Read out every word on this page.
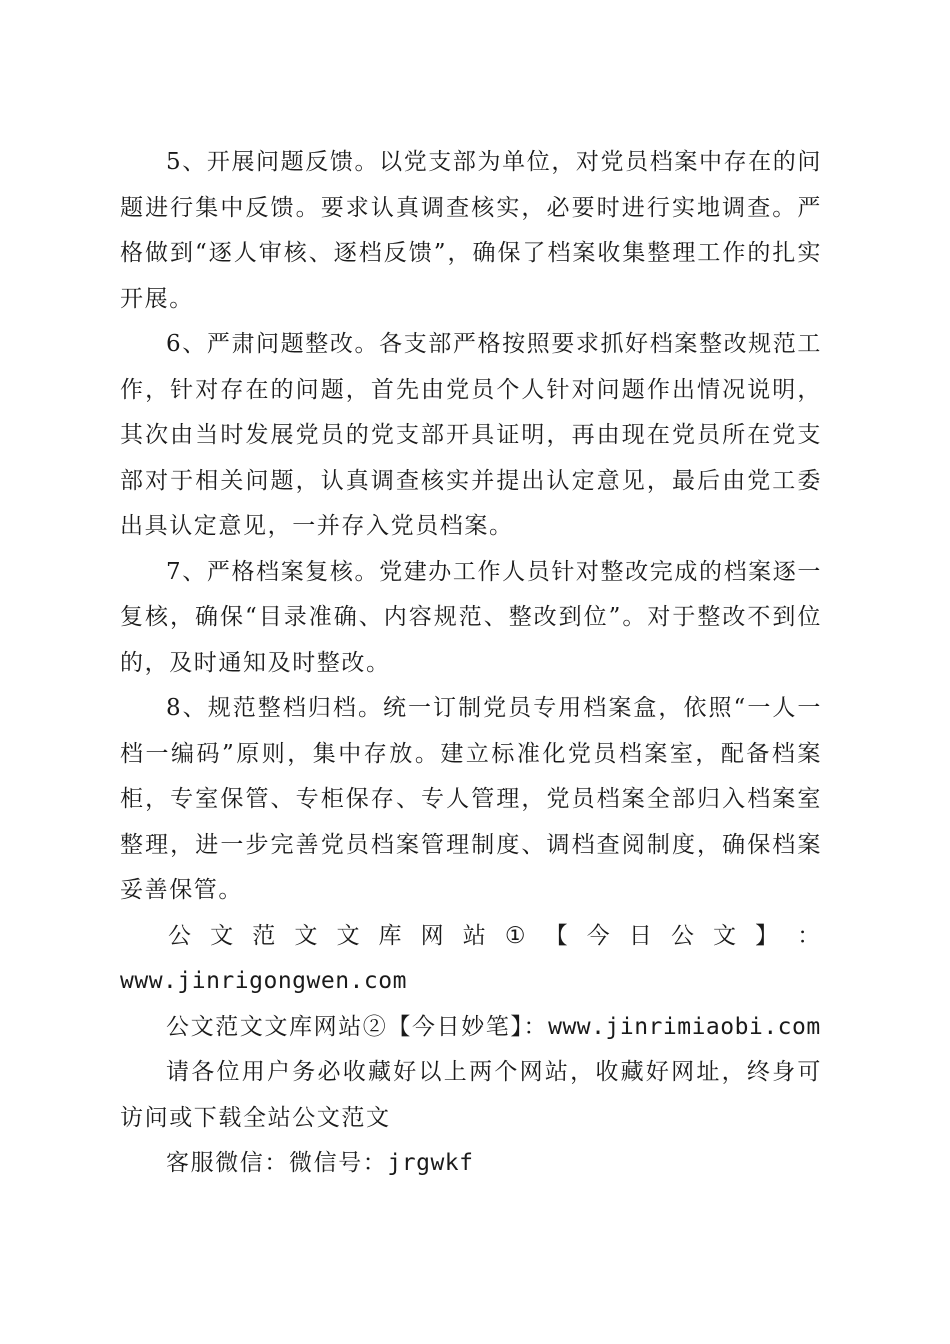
5、开展问题反馈。以党支部为单位，对党员档案中存在的问题进行集中反馈。要求认真调查核实，必要时进行实地调查。严格做到“逐人审核、逐档反馈”，确保了档案收集整理工作的扎实开展。

6、严肃问题整改。各支部严格按照要求抓好档案整改规范工作，针对存在的问题，首先由党员个人针对问题作出情况说明，其次由当时发展党员的党支部开具证明，再由现在党员所在党支部对于相关问题，认真调查核实并提出认定意见，最后由党工委出具认定意见，一并存入党员档案。

7、严格档案复核。党建办工作人员针对整改完成的档案逐一复核，确保“目录准确、内容规范、整改到位”。对于整改不到位的，及时通知及时整改。

8、规范整档归档。统一订制党员专用档案盒，依照“一人一档一编码”原则，集中存放。建立标准化党员档案室，配备档案柜，专室保管、专柜保存、专人管理，党员档案全部归入档案室整理，进一步完善党员档案管理制度、调档查阅制度，确保档案妥善保管。

公 文 范 文 文 库 网 站 ① 【 今 日 公 文 】 ：
www.jinrigongwen.com

公文范文文库网站②【今日妙笔】：www.jinrimiaobi.com

请各位用户务必收藏好以上两个网站，收藏好网址，终身可访问或下载全站公文范文

客服微信：微信号：jrgwkf
